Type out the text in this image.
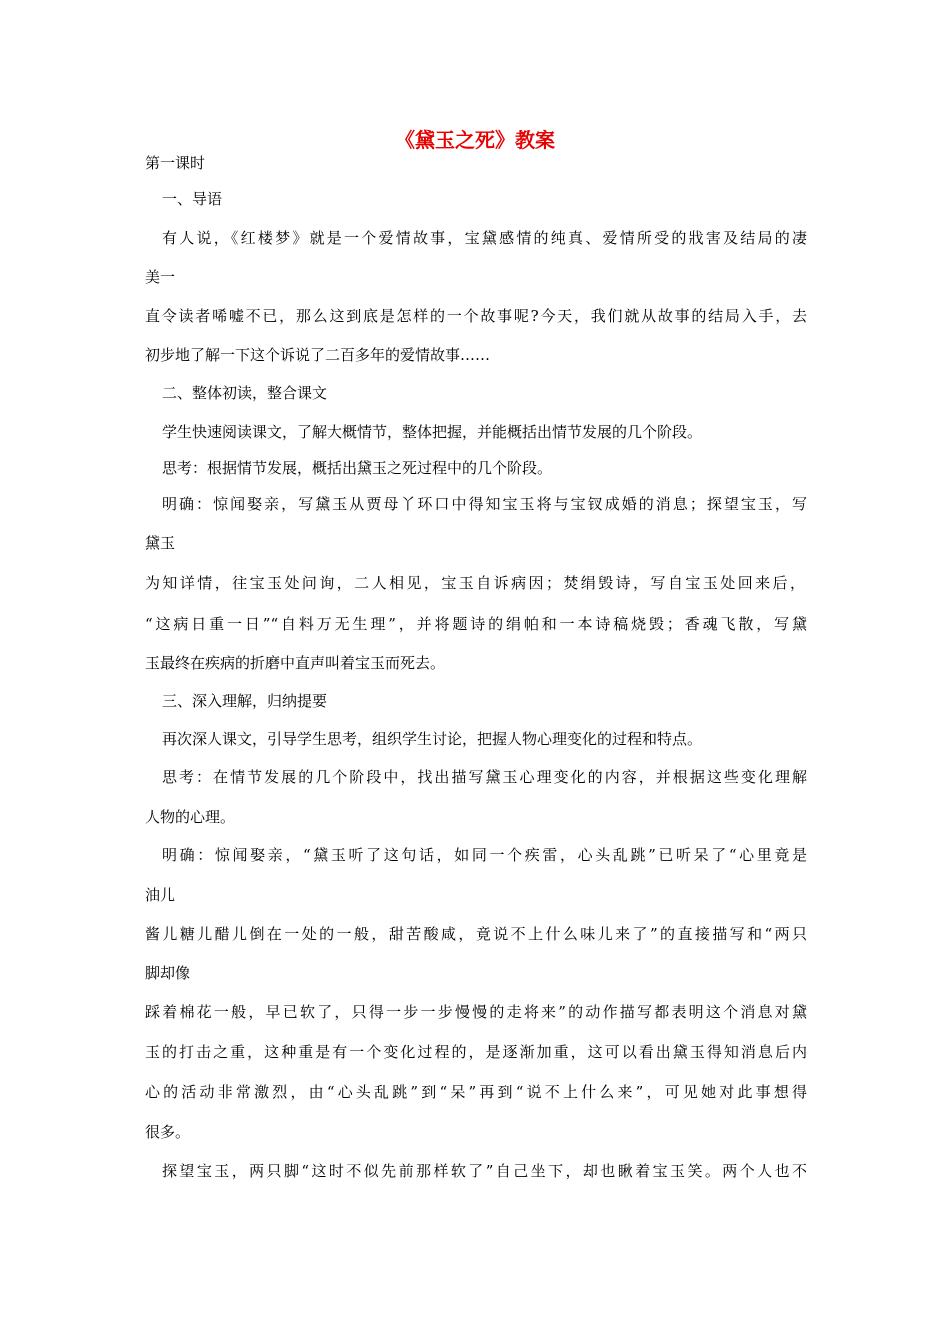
《黛玉之死》教案
第一课时
一、导语
有人说，《红楼梦》就是一个爱情故事，宝黛感情的纯真、爱情所受的戕害及结局的凄
美一
直令读者唏嘘不已，那么这到底是怎样的一个故事呢?今天，我们就从故事的结局入手，去
初步地了解一下这个诉说了二百多年的爱情故事……
二、整体初读，整合课文
学生快速阅读课文，了解大概情节，整体把握，并能概括出情节发展的几个阶段。
思考：根据情节发展，概括出黛玉之死过程中的几个阶段。
明确：惊闻娶亲，写黛玉从贾母丫环口中得知宝玉将与宝钗成婚的消息；探望宝玉，写
黛玉
为知详情，往宝玉处问询，二人相见，宝玉自诉病因；焚绢毁诗，写自宝玉处回来后，
“这病日重一日”“自料万无生理”，并将题诗的绢帕和一本诗稿烧毁；香魂飞散，写黛
玉最终在疾病的折磨中直声叫着宝玉而死去。
三、深入理解，归纳提要
再次深人课文，引导学生思考，组织学生讨论，把握人物心理变化的过程和特点。
思考：在情节发展的几个阶段中，找出描写黛玉心理变化的内容，并根据这些变化理解
人物的心理。
明确：惊闻娶亲，“黛玉听了这句话，如同一个疾雷，心头乱跳”已听呆了“心里竟是
油儿
酱儿糖儿醋儿倒在一处的一般，甜苦酸咸，竟说不上什么味儿来了”的直接描写和“两只
脚却像
踩着棉花一般，早已软了，只得一步一步慢慢的走将来”的动作描写都表明这个消息对黛
玉的打击之重，这种重是有一个变化过程的，是逐渐加重，这可以看出黛玉得知消息后内
心的活动非常激烈，由“心头乱跳”到“呆”再到“说不上什么来”，可见她对此事想得
很多。
探望宝玉，两只脚“这时不似先前那样软了”自己坐下，却也瞅着宝玉笑。两个人也不
